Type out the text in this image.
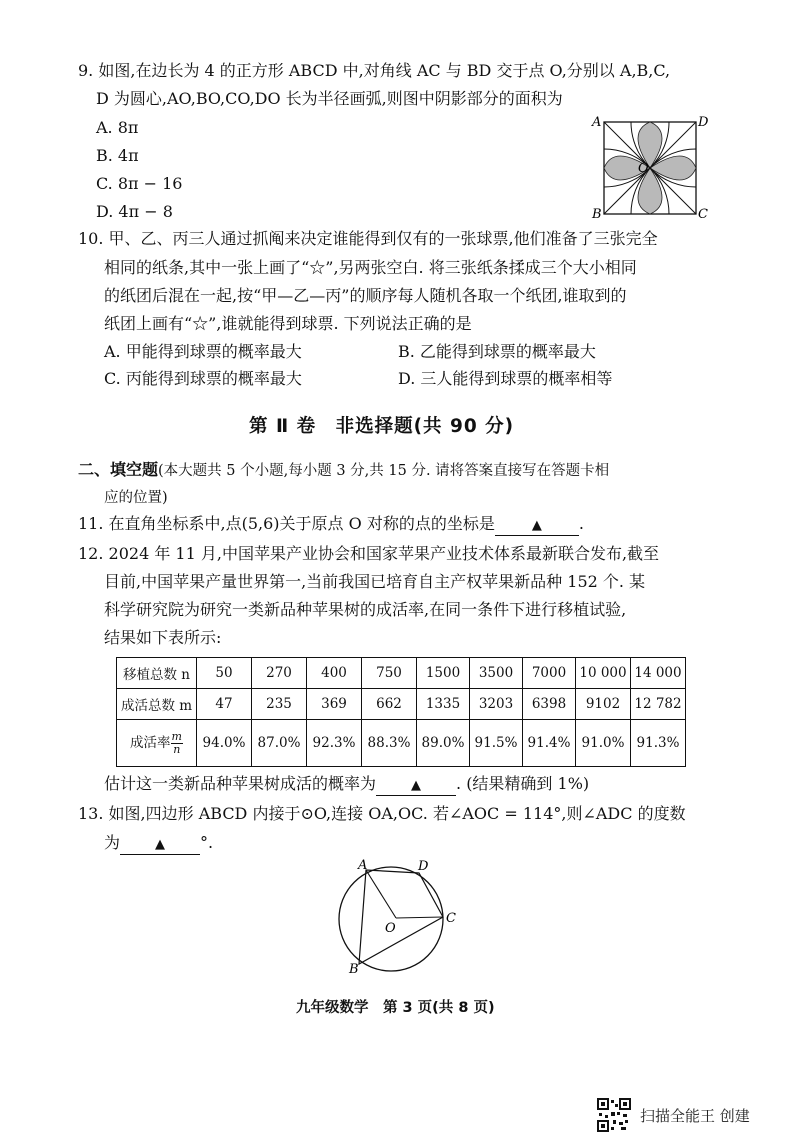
9. 如图,在边长为 4 的正方形 ABCD 中,对角线 AC 与 BD 交于点 O,分别以 A,B,C,
D 为圆心,AO,BO,CO,DO 长为半径画弧,则图中阴影部分的面积为
A. 8π
B. 4π
C. 8π − 16
D. 4π − 8
A	D
B	C
O
10. 甲、乙、丙三人通过抓阄来决定谁能得到仅有的一张球票,他们准备了三张完全
相同的纸条,其中一张上画了“☆”,另两张空白. 将三张纸条揉成三个大小相同
的纸团后混在一起,按“甲—乙—丙”的顺序每人随机各取一个纸团,谁取到的
纸团上画有“☆”,谁就能得到球票. 下列说法正确的是
A. 甲能得到球票的概率最大	B. 乙能得到球票的概率最大
C. 丙能得到球票的概率最大	D. 三人能得到球票的概率相等
第 Ⅱ 卷　非选择题(共 90 分)
二、填空题(本大题共 5 个小题,每小题 3 分,共 15 分. 请将答案直接写在答题卡相
应的位置)
11. 在直角坐标系中,点(5,6)关于原点 O 对称的点的坐标是	▲ .
12. 2024 年 11 月,中国苹果产业协会和国家苹果产业技术体系最新联合发布,截至
目前,中国苹果产量世界第一,当前我国已培育自主产权苹果新品种 152 个. 某
科学研究院为研究一类新品种苹果树的成活率,在同一条件下进行移植试验,
结果如下表所示:
移植总数 n	50	270	400	750	1500	3500	7000	10 000	14 000
成活总数 m	47	235	369	662	1335	3203	6398	9102	12 782
成活率 $\frac{m}{n}$	94.0%	87.0%	92.3%	88.3%	89.0%	91.5%	91.4%	91.0%	91.3%
估计这一类新品种苹果树成活的概率为	▲ . (结果精确到 1%)
13. 如图,四边形 ABCD 内接于⊙O,连接 OA,OC. 若∠AOC = 114°,则∠ADC 的度数
为	▲ °.
A	D
C
B
O
九年级数学　第 3 页(共 8 页)
扫描全能王 创建
